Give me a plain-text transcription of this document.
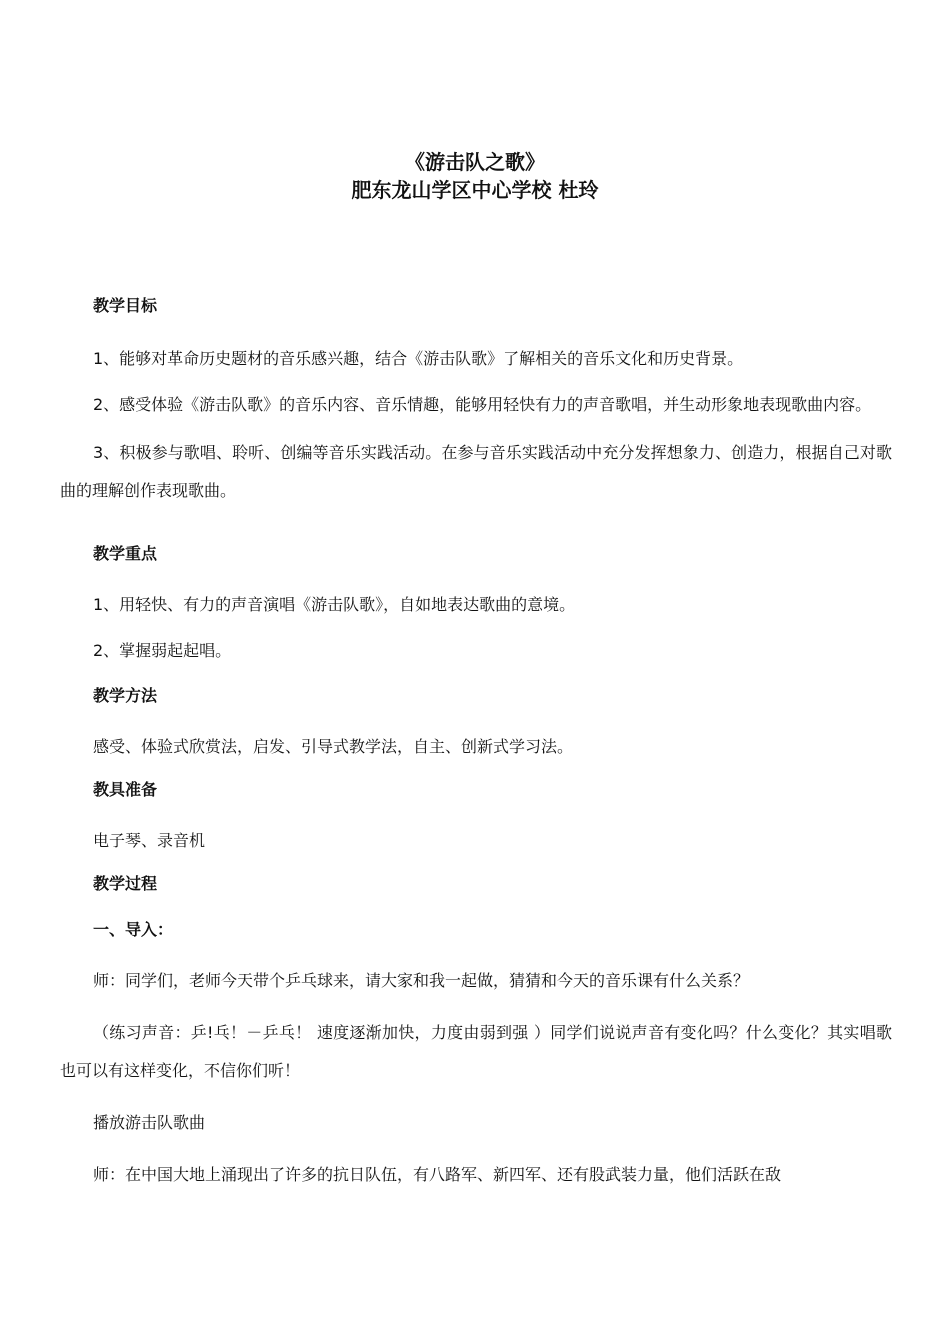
《游击队之歌》
肥东龙山学区中心学校 杜玲
教学目标

1、能够对革命历史题材的音乐感兴趣，结合《游击队歌》了解相关的音乐文化和历史背景。

2、感受体验《游击队歌》的音乐内容、音乐情趣，能够用轻快有力的声音歌唱，并生动形象地表现歌曲内容。

3、积极参与歌唱、聆听、创编等音乐实践活动。在参与音乐实践活动中充分发挥想象力、创造力，根据自己对歌曲的理解创作表现歌曲。

教学重点

1、用轻快、有力的声音演唱《游击队歌》，自如地表达歌曲的意境。

2、掌握弱起起唱。

教学方法

感受、体验式欣赏法，启发、引导式教学法，自主、创新式学习法。

教具准备

电子琴、录音机

教学过程
一、导入：

师：同学们，老师今天带个乒乓球来，请大家和我一起做，猜猜和今天的音乐课有什么关系？

（练习声音：乒!乓！－乒乓！ 速度逐渐加快，力度由弱到强 ）同学们说说声音有变化吗？什么变化？其实唱歌也可以有这样变化，不信你们听！

播放游击队歌曲

师：在中国大地上涌现出了许多的抗日队伍，有八路军、新四军、还有股武装力量，他们活跃在敌
